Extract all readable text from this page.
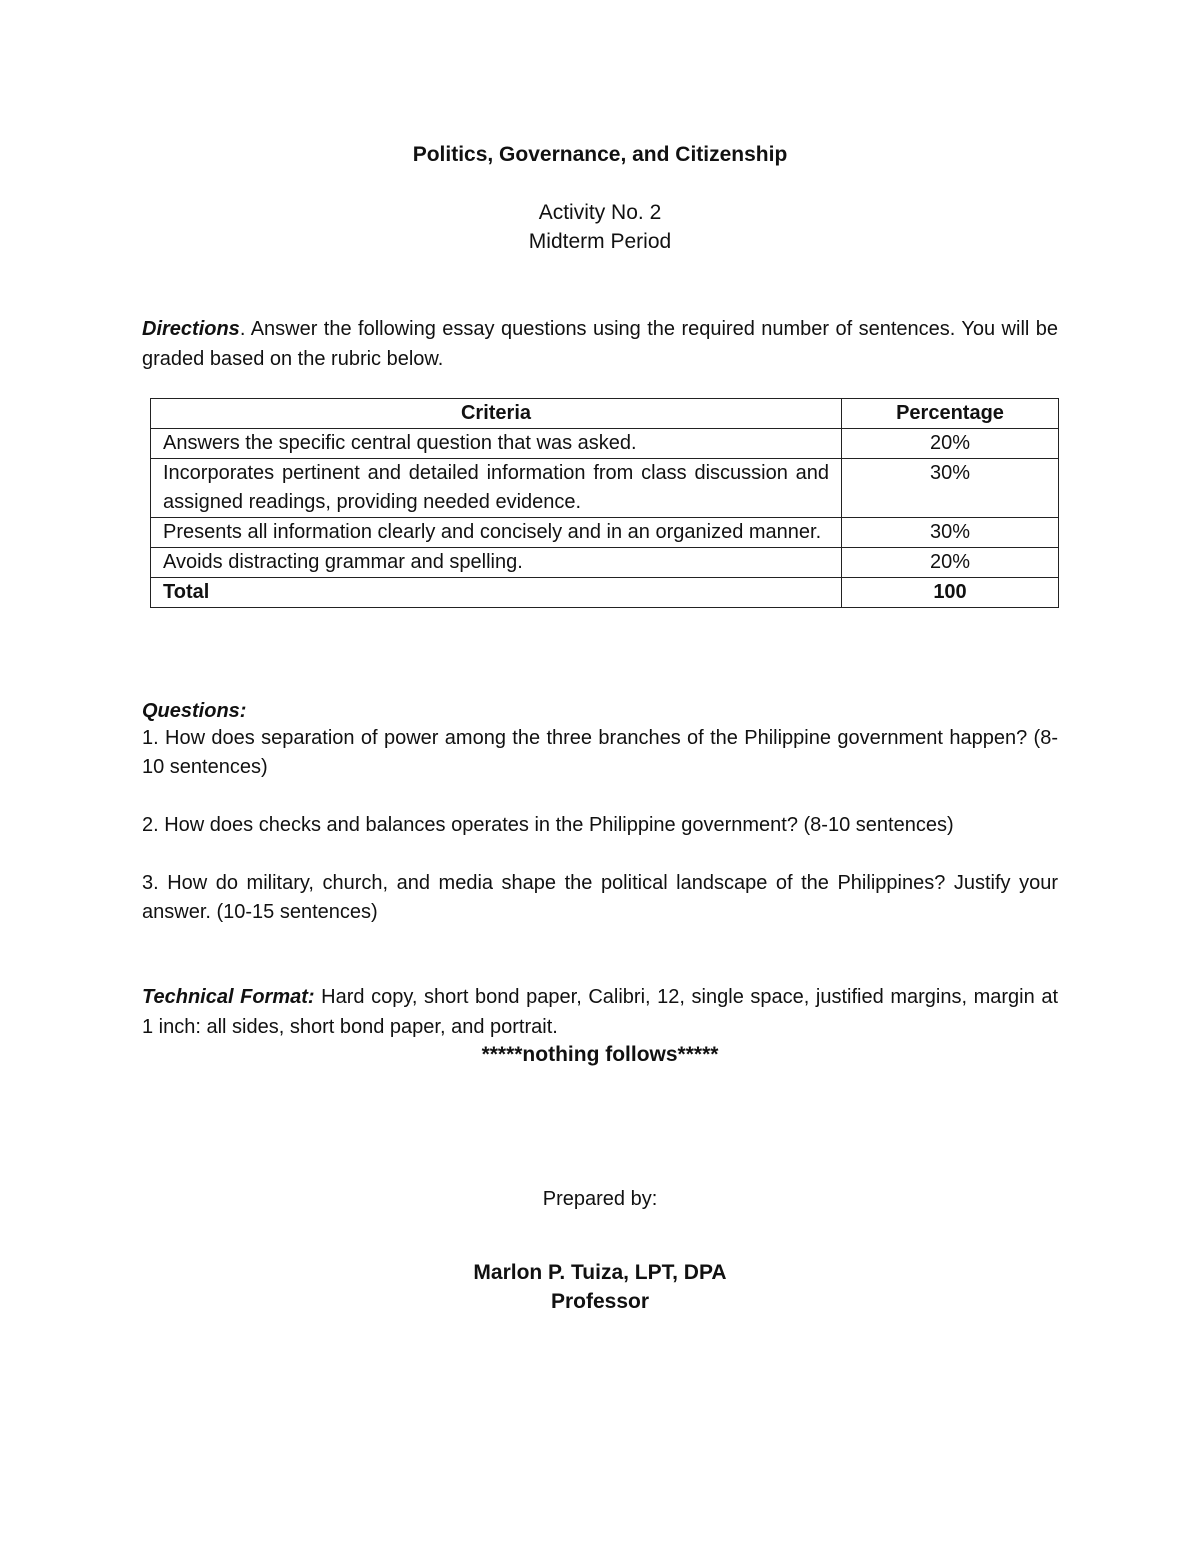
Politics, Governance, and Citizenship
Activity No. 2
Midterm Period
Directions. Answer the following essay questions using the required number of sentences. You will be graded based on the rubric below.
Criteria	Percentage
Answers the specific central question that was asked.	20%
Incorporates pertinent and detailed information from class discussion and assigned readings, providing needed evidence.	30%
Presents all information clearly and concisely and in an organized manner.	30%
Avoids distracting grammar and spelling.	20%
Total	100
Questions:
1. How does separation of power among the three branches of the Philippine government happen? (8-10 sentences)
2. How does checks and balances operates in the Philippine government? (8-10 sentences)
3. How do military, church, and media shape the political landscape of the Philippines? Justify your answer. (10-15 sentences)
Technical Format: Hard copy, short bond paper, Calibri, 12, single space, justified margins, margin at 1 inch: all sides, short bond paper, and portrait.
*****nothing follows*****
Prepared by:
Marlon P. Tuiza, LPT, DPA
Professor
